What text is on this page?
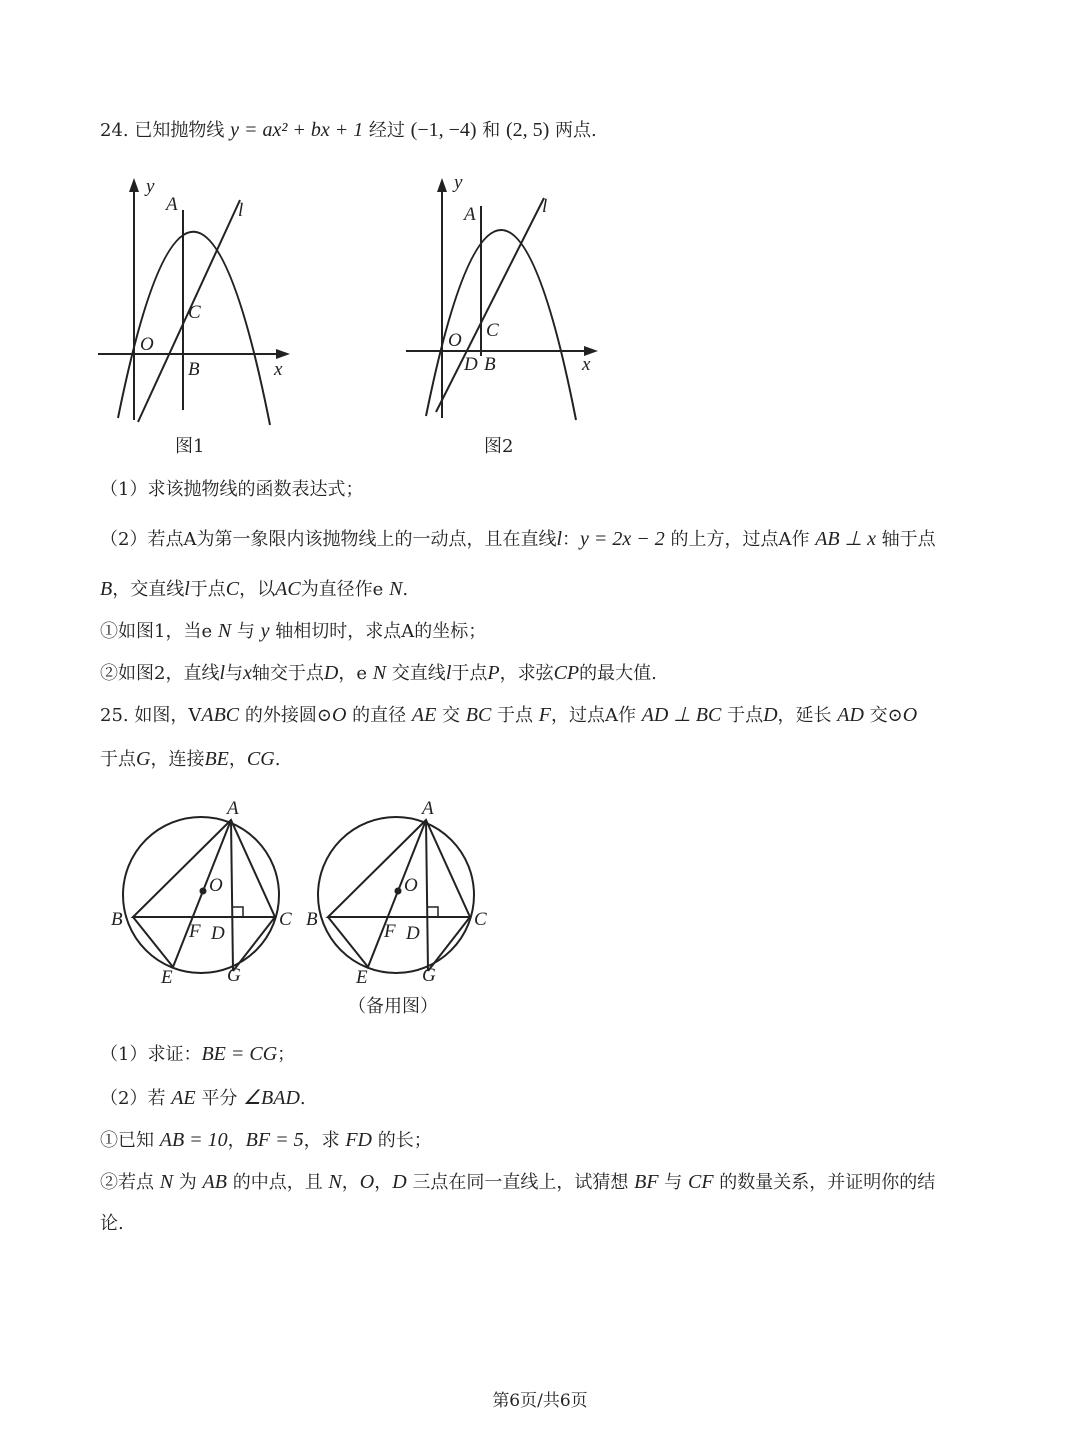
24. 已知抛物线 y = ax² + bx + 1 经过 (−1, −4) 和 (2, 5) 两点.
y
A	l
C
O
B	x
图1
y
A	l
C
O
D B	x
图2
（1）求该抛物线的函数表达式；
（2）若点A为第一象限内该抛物线上的一动点，且在直线l：y = 2x − 2 的上方，过点A作 AB ⊥ x 轴于点
B，交直线l于点C，以AC为直径作e N.
①如图1，当e N 与 y 轴相切时，求点A的坐标；
②如图2，直线l与x轴交于点D，e N 交直线l于点P，求弦CP的最大值.
25. 如图，VABC 的外接圆⊙O 的直径 AE 交 BC 于点 F，过点A作 AD ⊥ BC 于点D，延长 AD 交⊙O
于点G，连接BE，CG.
A
O
B	C
F D
E	G
A
O
B	C
F D
E	G
（备用图）
（1）求证：BE = CG；
（2）若 AE 平分 ∠BAD.
①已知 AB = 10，BF = 5，求 FD 的长；
②若点 N 为 AB 的中点，且 N，O，D 三点在同一直线上，试猜想 BF 与 CF 的数量关系，并证明你的结
论.
第6页/共6页
